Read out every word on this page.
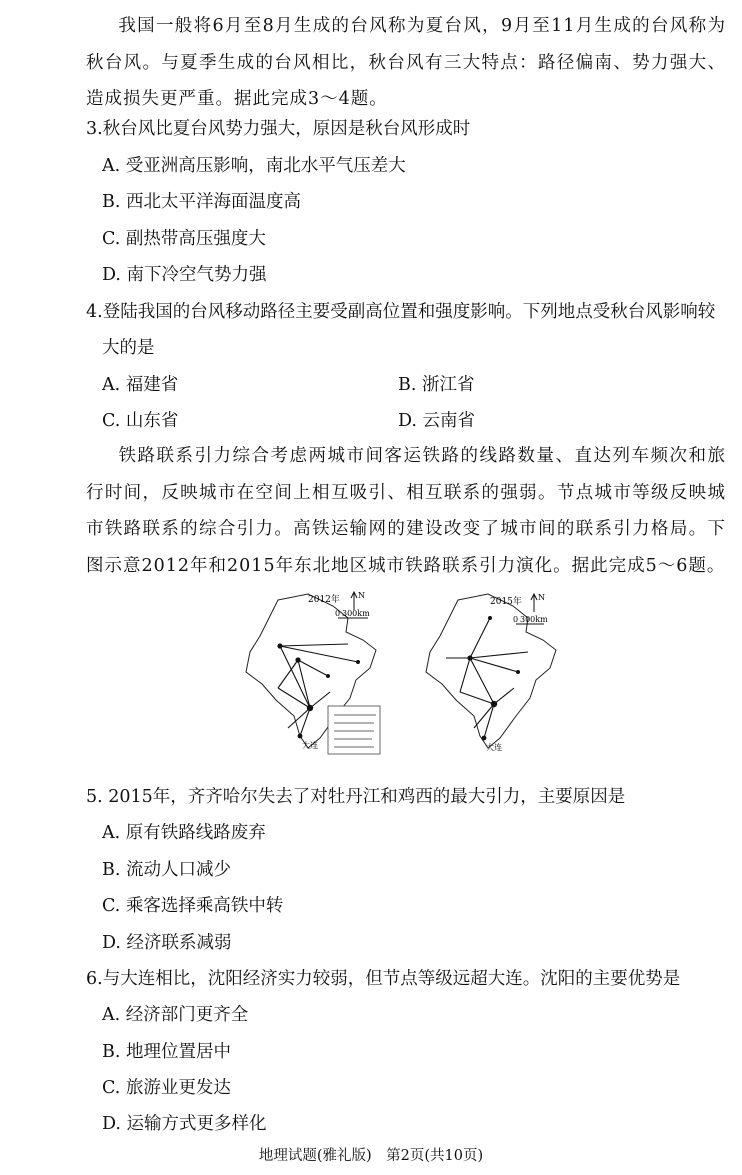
我国一般将6月至8月生成的台风称为夏台风，9月至11月生成的台风称为秋台风。与夏季生成的台风相比，秋台风有三大特点：路径偏南、势力强大、造成损失更严重。据此完成3～4题。
3.秋台风比夏台风势力强大，原因是秋台风形成时
A. 受亚洲高压影响，南北水平气压差大
B. 西北太平洋海面温度高
C. 副热带高压强度大
D. 南下冷空气势力强
4.登陆我国的台风移动路径主要受副高位置和强度影响。下列地点受秋台风影响较
大的是
A. 福建省	B. 浙江省
C. 山东省	D. 云南省
铁路联系引力综合考虑两城市间客运铁路的线路数量、直达列车频次和旅行时间，反映城市在空间上相互吸引、相互联系的强弱。节点城市等级反映城市铁路联系的综合引力。高铁运输网的建设改变了城市间的联系引力格局。下图示意2012年和2015年东北地区城市铁路联系引力演化。据此完成5～6题。
2012年	2015年
N	N
0
0
300km
300km
大连	大连
5. 2015年，齐齐哈尔失去了对牡丹江和鸡西的最大引力，主要原因是
A. 原有铁路线路废弃
B. 流动人口减少
C. 乘客选择乘高铁中转
D. 经济联系减弱
6.与大连相比，沈阳经济实力较弱，但节点等级远超大连。沈阳的主要优势是
A. 经济部门更齐全
B. 地理位置居中
C. 旅游业更发达
D. 运输方式更多样化
地理试题(雅礼版)　第2页(共10页)
